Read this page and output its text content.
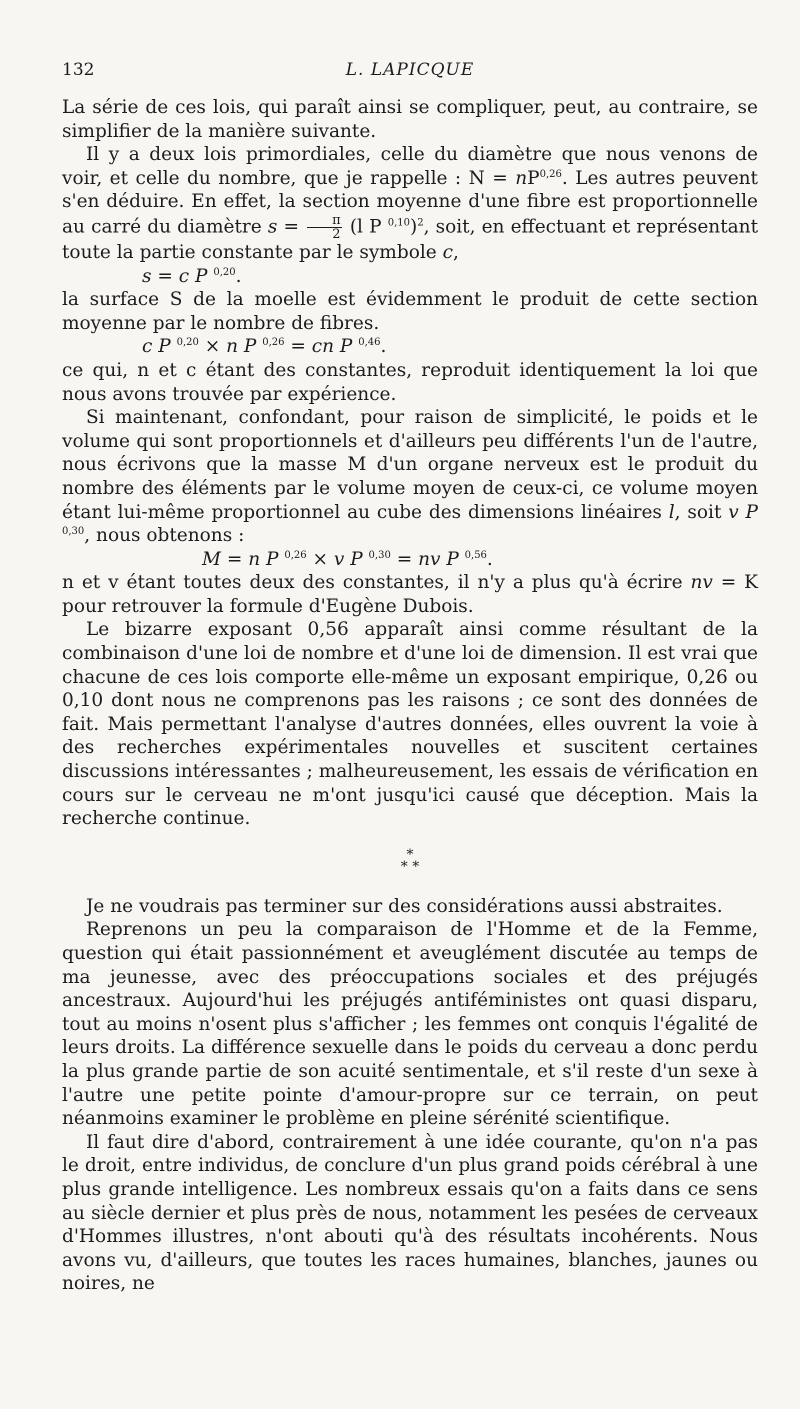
132	L. LAPICQUE

La série de ces lois, qui paraît ainsi se compliquer, peut, au contraire, se simplifier de la manière suivante.

Il y a deux lois primordiales, celle du diamètre que nous venons de voir, et celle du nombre, que je rappelle : N = nP$^{0,26}$. Les autres peuvent s'en déduire. En effet, la section moyenne d'une fibre est proportionnelle au carré du diamètre $s = \frac{\pi}{2} (l$ P $^{0,10}$)$^2$, soit, en effectuant et représentant toute la partie constante par le symbole c,

s = c P $^{0,20}$.

la surface S de la moelle est évidemment le produit de cette section moyenne par le nombre de fibres.

c P $^{0,20}$ × n P $^{0,26}$ = cn P $^{0,46}$.

ce qui, n et c étant des constantes, reproduit identiquement la loi que nous avons trouvée par expérience.

Si maintenant, confondant, pour raison de simplicité, le poids et le volume qui sont proportionnels et d'ailleurs peu différents l'un de l'autre, nous écrivons que la masse M d'un organe nerveux est le produit du nombre des éléments par le volume moyen de ceux-ci, ce volume moyen étant lui-même proportionnel au cube des dimensions linéaires l, soit v P $^{0,30}$, nous obtenons :

M = n P $^{0,26}$ × v P $^{0,30}$ = nv P $^{0,56}$.

n et v étant toutes deux des constantes, il n'y a plus qu'à écrire nv = K pour retrouver la formule d'Eugène Dubois.

Le bizarre exposant 0,56 apparaît ainsi comme résultant de la combinaison d'une loi de nombre et d'une loi de dimension. Il est vrai que chacune de ces lois comporte elle-même un exposant empirique, 0,26 ou 0,10 dont nous ne comprenons pas les raisons ; ce sont des données de fait. Mais permettant l'analyse d'autres données, elles ouvrent la voie à des recherches expérimentales nouvelles et suscitent certaines discussions intéressantes ; malheureusement, les essais de vérification en cours sur le cerveau ne m'ont jusqu'ici causé que déception. Mais la recherche continue.

*
* *

Je ne voudrais pas terminer sur des considérations aussi abstraites.

Reprenons un peu la comparaison de l'Homme et de la Femme, question qui était passionnément et aveuglément discutée au temps de ma jeunesse, avec des préoccupations sociales et des préjugés ancestraux. Aujourd'hui les préjugés antiféministes ont quasi disparu, tout au moins n'osent plus s'afficher ; les femmes ont conquis l'égalité de leurs droits. La différence sexuelle dans le poids du cerveau a donc perdu la plus grande partie de son acuité sentimentale, et s'il reste d'un sexe à l'autre une petite pointe d'amour-propre sur ce terrain, on peut néanmoins examiner le problème en pleine sérénité scientifique.

Il faut dire d'abord, contrairement à une idée courante, qu'on n'a pas le droit, entre individus, de conclure d'un plus grand poids cérébral à une plus grande intelligence. Les nombreux essais qu'on a faits dans ce sens au siècle dernier et plus près de nous, notamment les pesées de cerveaux d'Hommes illustres, n'ont abouti qu'à des résultats incohérents. Nous avons vu, d'ailleurs, que toutes les races humaines, blanches, jaunes ou noires, ne
